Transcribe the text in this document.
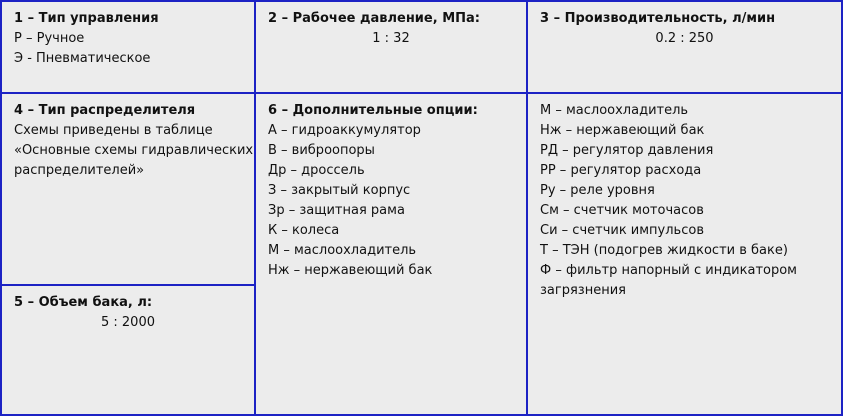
1 – Тип управления
Р – Ручное
Э - Пневматическое
2 – Рабочее давление, МПа:
1 : 32
3 – Производительность, л/мин
0.2 : 250
4 – Тип распределителя
Схемы приведены в таблице
«Основные схемы гидравлических
распределителей»
5 – Объем бака, л:
5 : 2000
6 – Дополнительные опции:
А – гидроаккумулятор
В – виброопоры
Др – дроссель
З – закрытый корпус
Зр – защитная рама
К – колеса
М – маслоохладитель
Нж – нержавеющий бак
М – маслоохладитель
Нж – нержавеющий бак
РД – регулятор давления
РР – регулятор расхода
Ру – реле уровня
См – счетчик моточасов
Си – счетчик импульсов
Т – ТЭН (подогрев жидкости в баке)
Ф – фильтр напорный с индикатором
загрязнения
